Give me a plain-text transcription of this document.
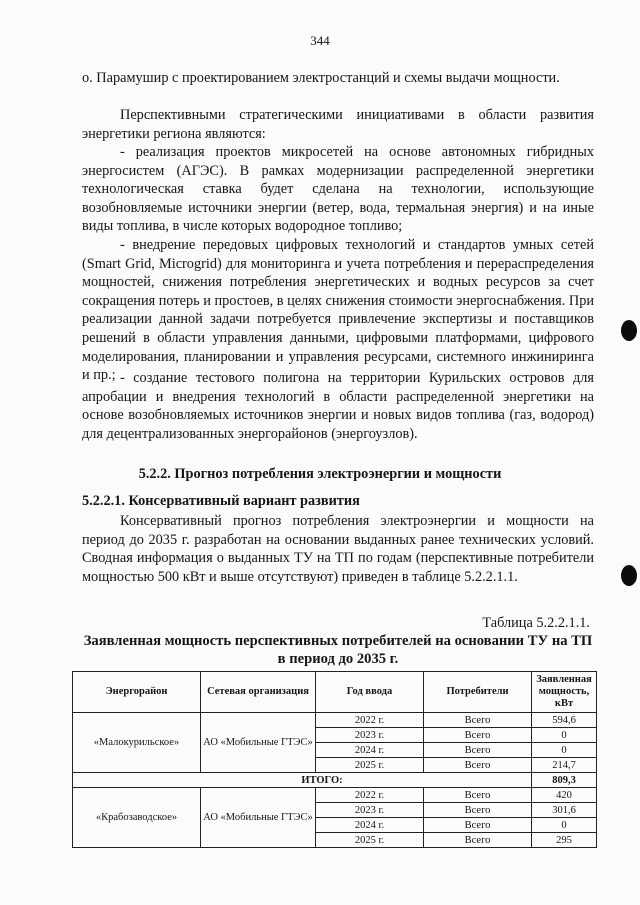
344

о. Парамушир с проектированием электростанций и схемы выдачи мощности.

Перспективными стратегическими инициативами в области развития энергетики региона являются:

- реализация проектов микросетей на основе автономных гибридных энергосистем (АГЭС). В рамках модернизации распределенной энергетики технологическая ставка будет сделана на технологии, использующие возобновляемые источники энергии (ветер, вода, термальная энергия) и на иные виды топлива, в числе которых водородное топливо;

- внедрение передовых цифровых технологий и стандартов умных сетей (Smart Grid, Microgrid) для мониторинга и учета потребления и перераспределения мощностей, снижения потребления энергетических и водных ресурсов за счет сокращения потерь и простоев, в целях снижения стоимости энергоснабжения. При реализации данной задачи потребуется привлечение экспертизы и поставщиков решений в области управления данными, цифровыми платформами, цифрового моделирования, планировании и управления ресурсами, системного инжиниринга и пр.; - создание тестового полигона на территории Курильских островов для апробации и внедрения технологий в области распределенной энергетики на основе возобновляемых источников энергии и новых видов топлива (газ, водород) для децентрализованных энергорайонов (энергоузлов).

5.2.2. Прогноз потребления электроэнергии и мощности
5.2.2.1. Консервативный вариант развития

Консервативный прогноз потребления электроэнергии и мощности на период до 2035 г. разработан на основании выданных ранее технических условий. Сводная информация о выданных ТУ на ТП по годам (перспективные потребители мощностью 500 кВт и выше отсутствуют) приведен в таблице 5.2.2.1.1.

Таблица 5.2.2.1.1.

Заявленная мощность перспективных потребителей на основании ТУ на ТП в период до 2035 г.

Энергорайон	Сетевая организация	Год ввода	Потребители	Заявленная мощность, кВт
«Малокурильское»	АО «Мобильные ГТЭС»	2022 г.	Всего	594,6
		2023 г.	Всего	0
		2024 г.	Всего	0
		2025 г.	Всего	214,7
ИТОГО:				809,3
«Крабозаводское»	АО «Мобильные ГТЭС»	2022 г.	Всего	420
		2023 г.	Всего	301,6
		2024 г.	Всего	0
		2025 г.	Всего	295
